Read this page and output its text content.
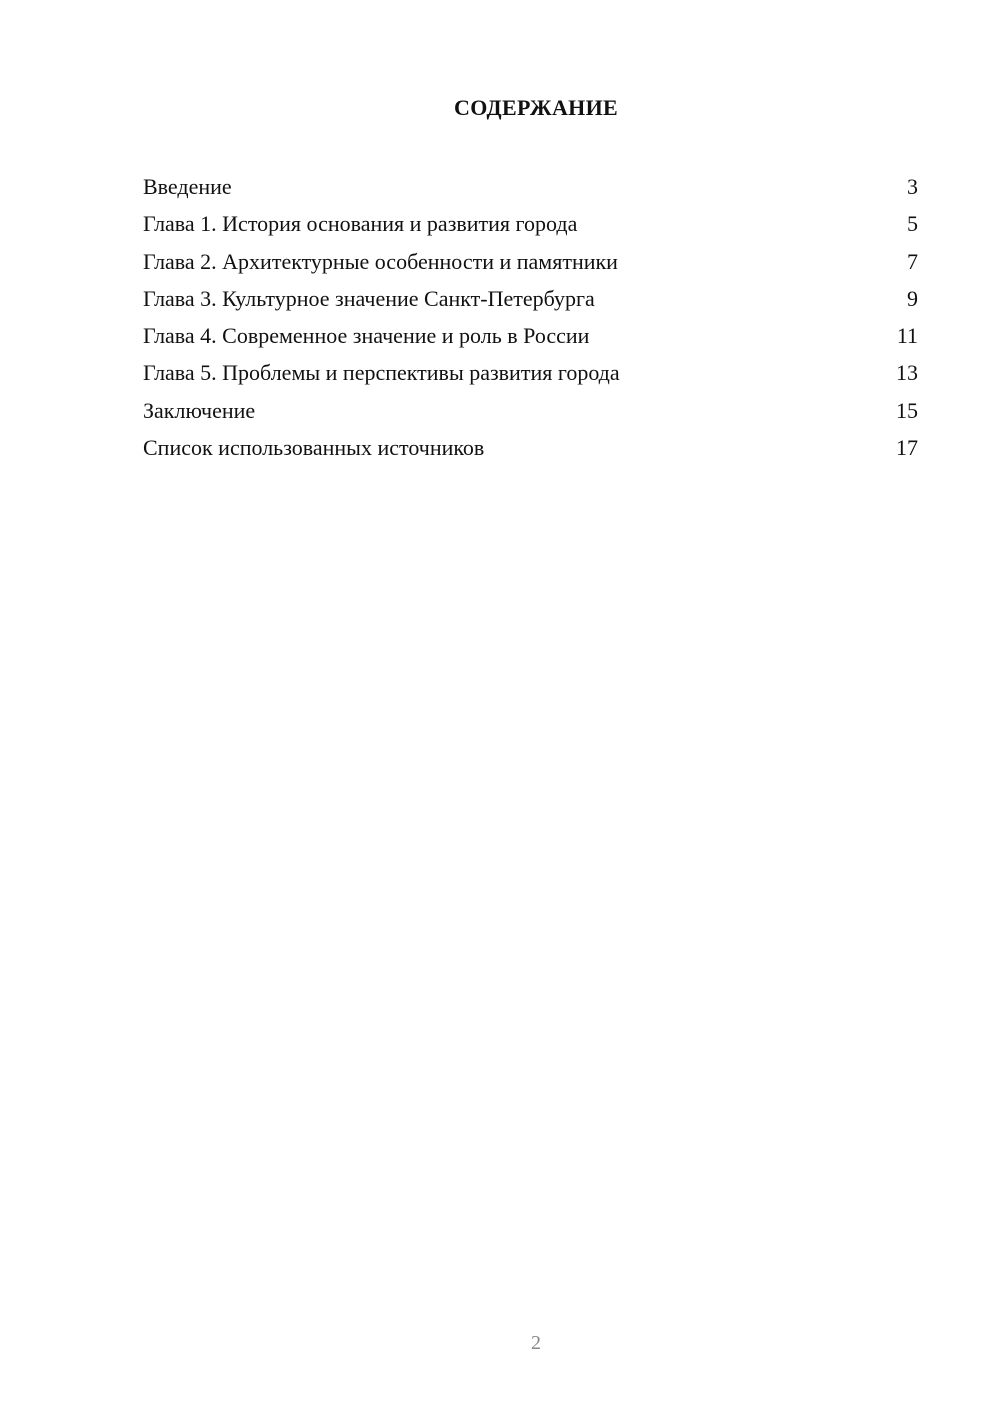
СОДЕРЖАНИЕ
Введение	3
Глава 1. История основания и развития города	5
Глава 2. Архитектурные особенности и памятники	7
Глава 3. Культурное значение Санкт-Петербурга	9
Глава 4. Современное значение и роль в России	11
Глава 5. Проблемы и перспективы развития города	13
Заключение	15
Список использованных источников	17
2
